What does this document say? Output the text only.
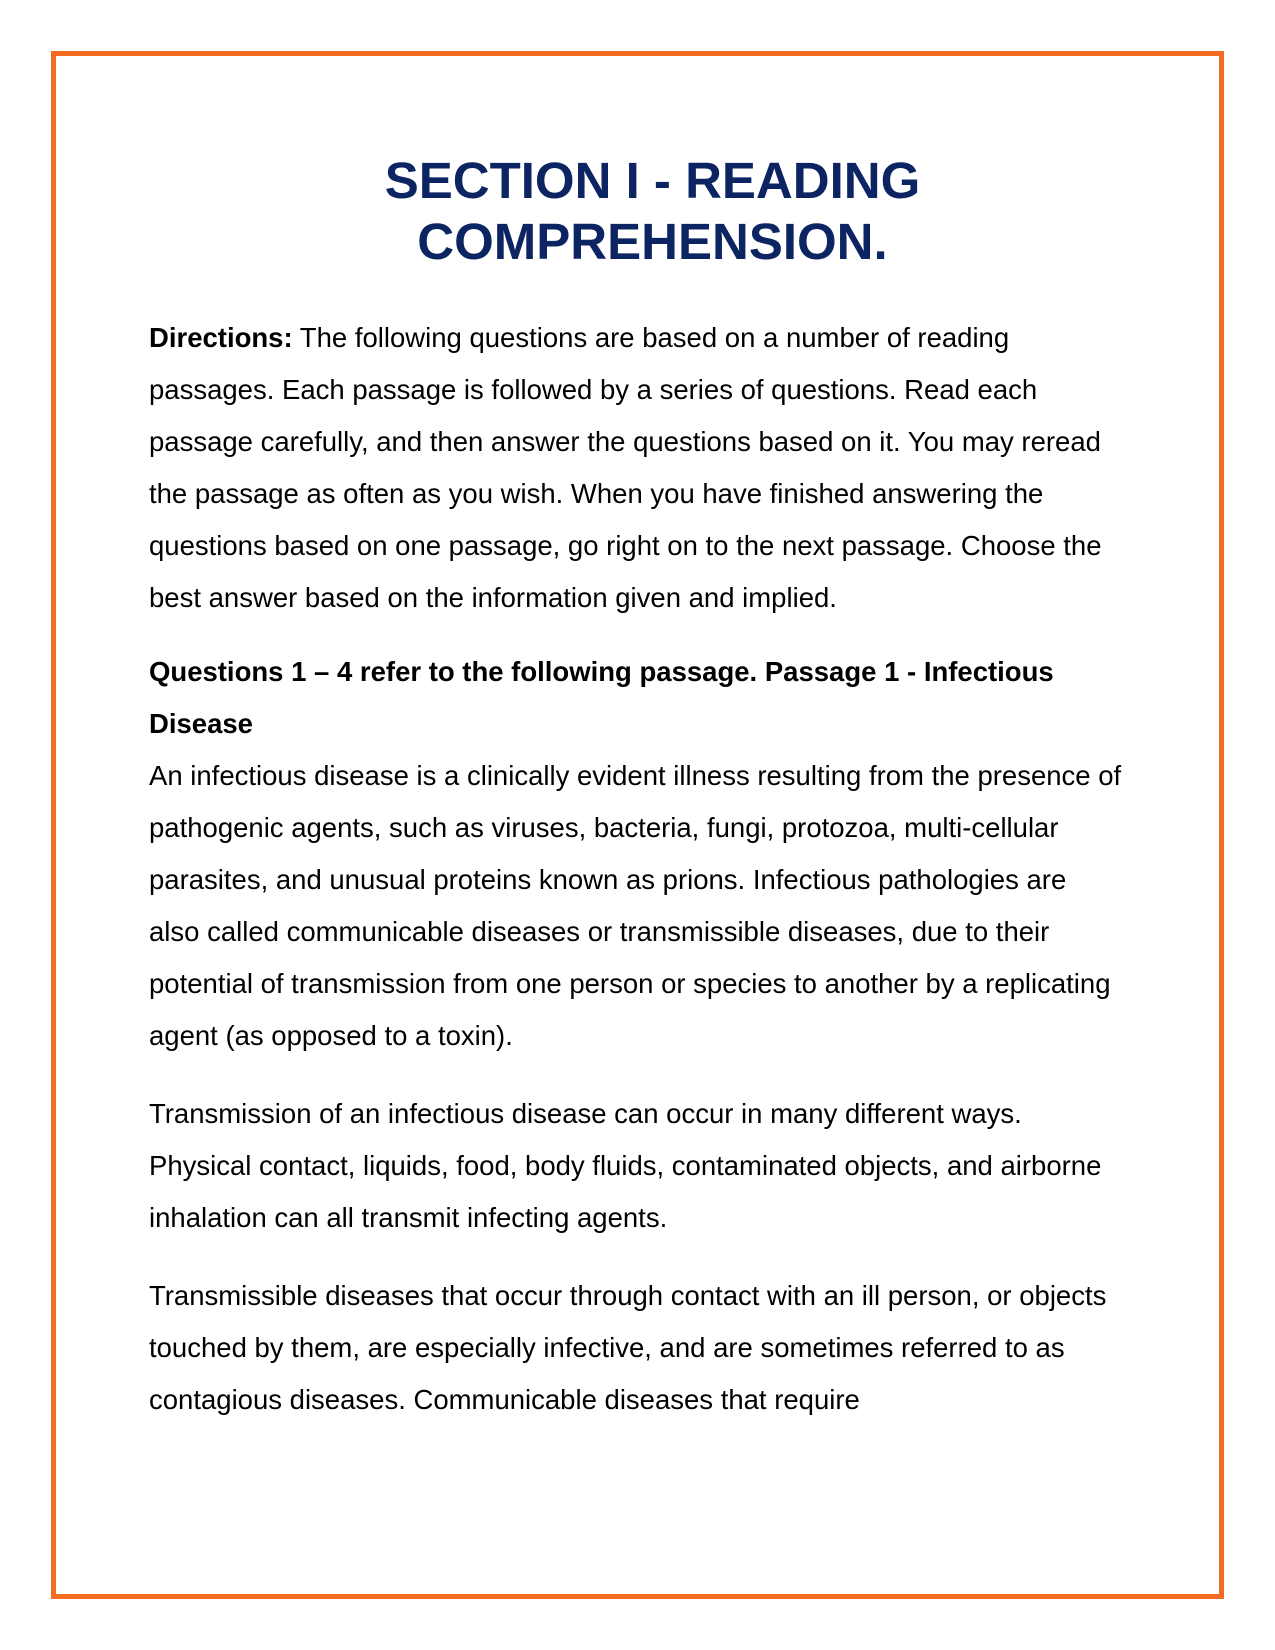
SECTION I - READING
COMPREHENSION.

Directions: The following questions are based on a number of reading passages. Each passage is followed by a series of questions. Read each passage carefully, and then answer the questions based on it. You may reread the passage as often as you wish. When you have finished answering the questions based on one passage, go right on to the next passage. Choose the best answer based on the information given and implied.

Questions 1 – 4 refer to the following passage. Passage 1 - Infectious Disease

An infectious disease is a clinically evident illness resulting from the presence of pathogenic agents, such as viruses, bacteria, fungi, protozoa, multi-cellular parasites, and unusual proteins known as prions. Infectious pathologies are also called communicable diseases or transmissible diseases, due to their potential of transmission from one person or species to another by a replicating agent (as opposed to a toxin).

Transmission of an infectious disease can occur in many different ways. Physical contact, liquids, food, body fluids, contaminated objects, and airborne inhalation can all transmit infecting agents.

Transmissible diseases that occur through contact with an ill person, or objects touched by them, are especially infective, and are sometimes referred to as contagious diseases. Communicable diseases that require
